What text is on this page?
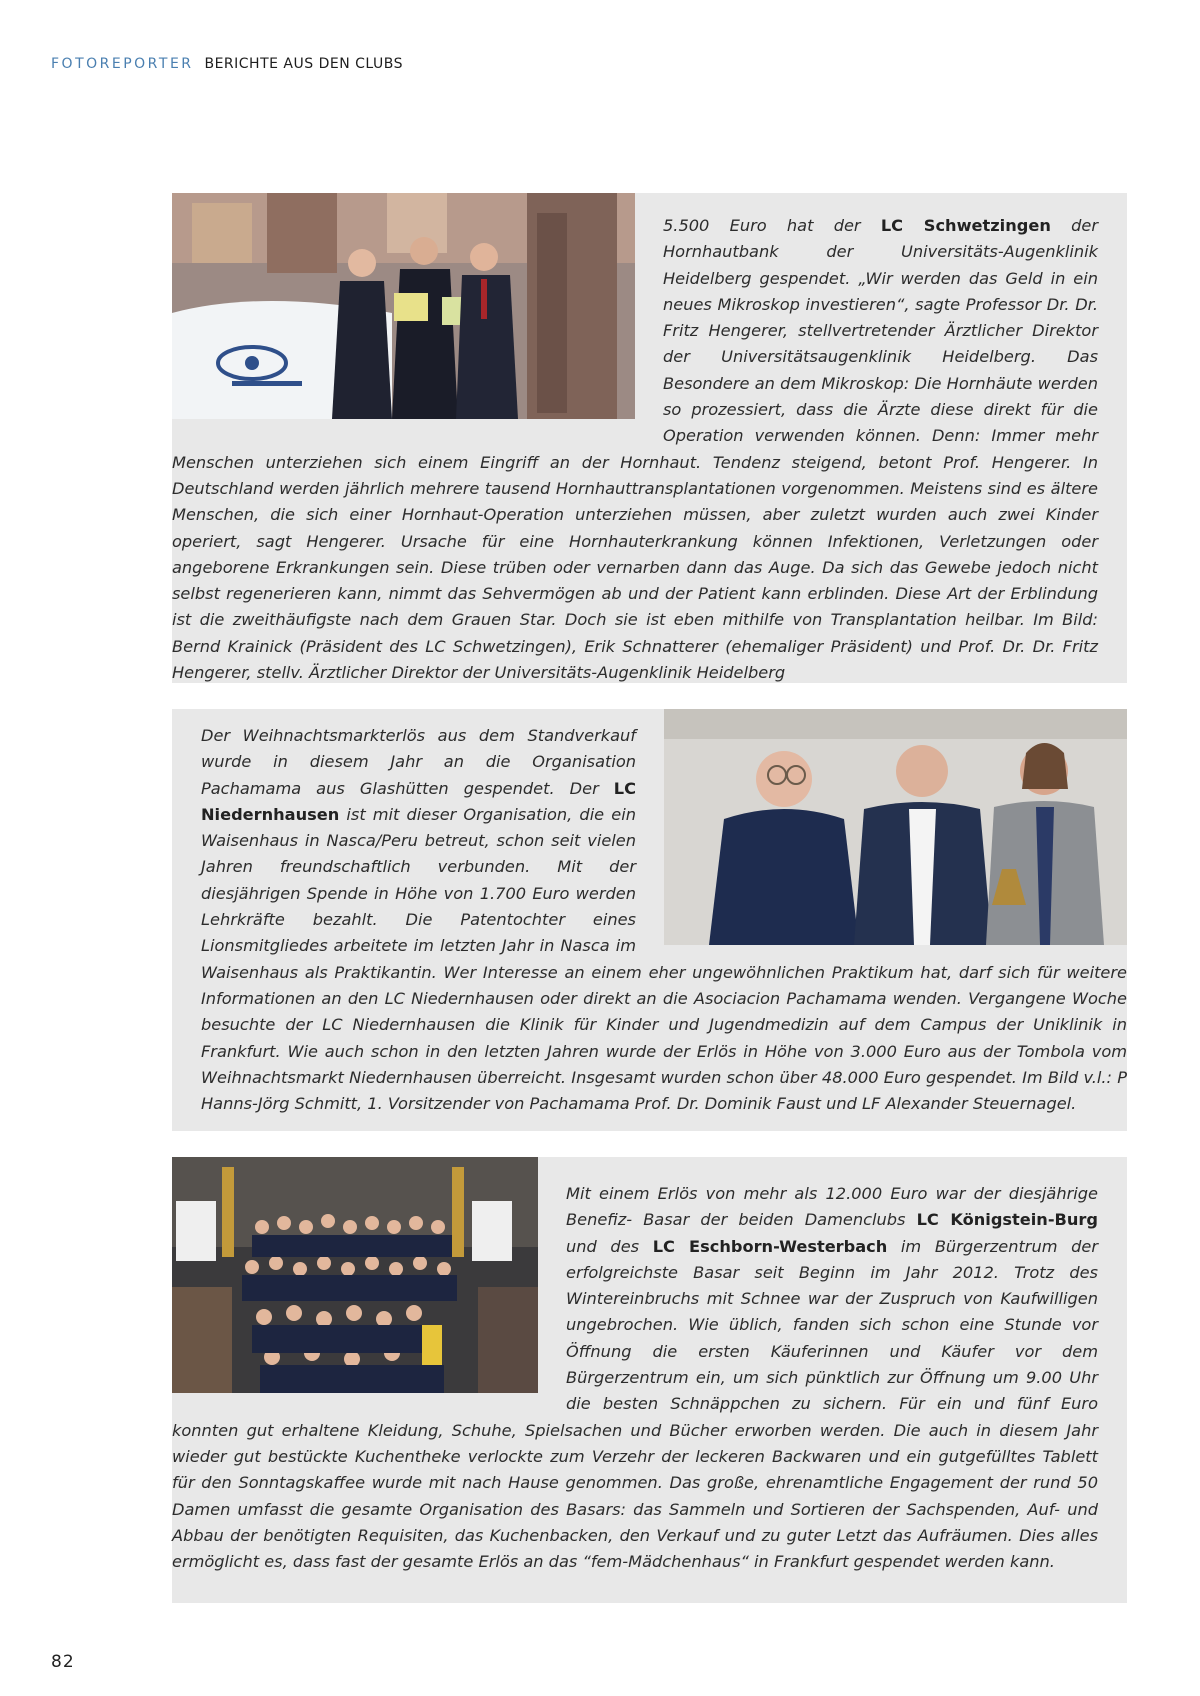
FOTOREPORTER BERICHTE AUS DEN CLUBS
5.500 Euro hat der LC Schwetzingen der Hornhautbank der Universitäts-Augenklinik Heidelberg gespendet. „Wir werden das Geld in ein neues Mikroskop investieren“, sagte Professor Dr. Dr. Fritz Hengerer, stellvertretender Ärztlicher Direktor der Universitätsaugenklinik Heidelberg. Das Besondere an dem Mikroskop: Die Hornhäute werden so prozessiert, dass die Ärzte diese direkt für die Operation verwenden können. Denn: Immer mehr Menschen unterziehen sich einem Eingriff an der Hornhaut. Tendenz steigend, betont Prof. Hengerer. In Deutschland werden jährlich mehrere tausend Hornhauttransplantationen vorgenommen. Meistens sind es ältere Menschen, die sich einer Hornhaut-Operation unterziehen müssen, aber zuletzt wurden auch zwei Kinder operiert, sagt Hengerer. Ursache für eine Hornhauterkrankung können Infektionen, Verletzungen oder angeborene Erkrankungen sein. Diese trüben oder vernarben dann das Auge. Da sich das Gewebe jedoch nicht selbst regenerieren kann, nimmt das Sehvermögen ab und der Patient kann erblinden. Diese Art der Erblindung ist die zweithäufigste nach dem Grauen Star. Doch sie ist eben mithilfe von Transplantation heilbar. Im Bild: Bernd Krainick (Präsident des LC Schwetzingen), Erik Schnatterer (ehemaliger Präsident) und Prof. Dr. Dr. Fritz Hengerer, stellv. Ärztlicher Direktor der Universitäts-Augenklinik Heidelberg
Der Weihnachtsmarkterlös aus dem Standverkauf wurde in diesem Jahr an die Organisation Pachamama aus Glashütten gespendet. Der LC Niedernhausen ist mit dieser Organisation, die ein Waisenhaus in Nasca/Peru betreut, schon seit vielen Jahren freundschaftlich verbunden. Mit der diesjährigen Spende in Höhe von 1.700 Euro werden Lehrkräfte bezahlt. Die Patentochter eines Lionsmitgliedes arbeitete im letzten Jahr in Nasca im Waisenhaus als Praktikantin. Wer Interesse an einem eher ungewöhnlichen Praktikum hat, darf sich für weitere Informationen an den LC Niedernhausen oder direkt an die Asociacion Pachamama wenden. Vergangene Woche besuchte der LC Niedernhausen die Klinik für Kinder und Jugendmedizin auf dem Campus der Uniklinik in Frankfurt. Wie auch schon in den letzten Jahren wurde der Erlös in Höhe von 3.000 Euro aus der Tombola vom Weihnachtsmarkt Niedernhausen überreicht. Insgesamt wurden schon über 48.000 Euro gespendet. Im Bild v.l.: P Hanns-Jörg Schmitt, 1. Vorsitzender von Pachamama Prof. Dr. Dominik Faust und LF Alexander Steuernagel.
Mit einem Erlös von mehr als 12.000 Euro war der diesjährige Benefiz- Basar der beiden Damenclubs LC Königstein-Burg und des LC Eschborn-Westerbach im Bürgerzentrum der erfolgreichste Basar seit Beginn im Jahr 2012. Trotz des Wintereinbruchs mit Schnee war der Zuspruch von Kaufwilligen ungebrochen. Wie üblich, fanden sich schon eine Stunde vor Öffnung die ersten Käuferinnen und Käufer vor dem Bürgerzentrum ein, um sich pünktlich zur Öffnung um 9.00 Uhr die besten Schnäppchen zu sichern. Für ein und fünf Euro konnten gut erhaltene Kleidung, Schuhe, Spielsachen und Bücher erworben werden. Die auch in diesem Jahr wieder gut bestückte Kuchentheke verlockte zum Verzehr der leckeren Backwaren und ein gutgefülltes Tablett für den Sonntagskaffee wurde mit nach Hause genommen. Das große, ehrenamtliche Engagement der rund 50 Damen umfasst die gesamte Organisation des Basars: das Sammeln und Sortieren der Sachspenden, Auf- und Abbau der benötigten Requisiten, das Kuchenbacken, den Verkauf und zu guter Letzt das Aufräumen. Dies alles ermöglicht es, dass fast der gesamte Erlös an das “fem-Mädchenhaus“ in Frankfurt gespendet werden kann.
82
